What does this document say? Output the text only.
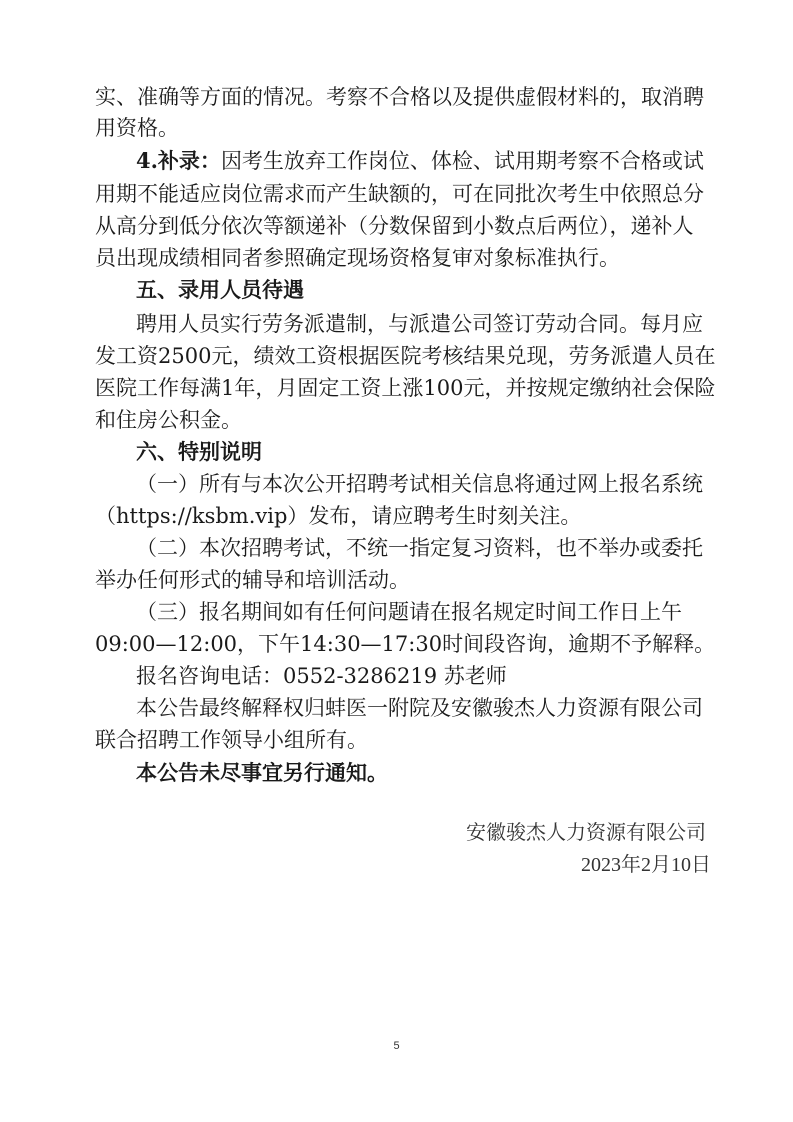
实、准确等方面的情况。考察不合格以及提供虚假材料的，取消聘
用资格。
4.补录：因考生放弃工作岗位、体检、试用期考察不合格或试
用期不能适应岗位需求而产生缺额的，可在同批次考生中依照总分
从高分到低分依次等额递补（分数保留到小数点后两位），递补人
员出现成绩相同者参照确定现场资格复审对象标准执行。
五、录用人员待遇
聘用人员实行劳务派遣制，与派遣公司签订劳动合同。每月应
发工资2500元，绩效工资根据医院考核结果兑现，劳务派遣人员在
医院工作每满1年，月固定工资上涨100元，并按规定缴纳社会保险
和住房公积金。
六、特别说明
（一）所有与本次公开招聘考试相关信息将通过网上报名系统
（https://ksbm.vip）发布，请应聘考生时刻关注。
（二）本次招聘考试，不统一指定复习资料，也不举办或委托
举办任何形式的辅导和培训活动。
（三）报名期间如有任何问题请在报名规定时间工作日上午
09:00—12:00，下午14:30—17:30时间段咨询，逾期不予解释。
报名咨询电话：0552-3286219 苏老师
本公告最终解释权归蚌医一附院及安徽骏杰人力资源有限公司
联合招聘工作领导小组所有。
本公告未尽事宜另行通知。
安徽骏杰人力资源有限公司
2023年2月10日
5
